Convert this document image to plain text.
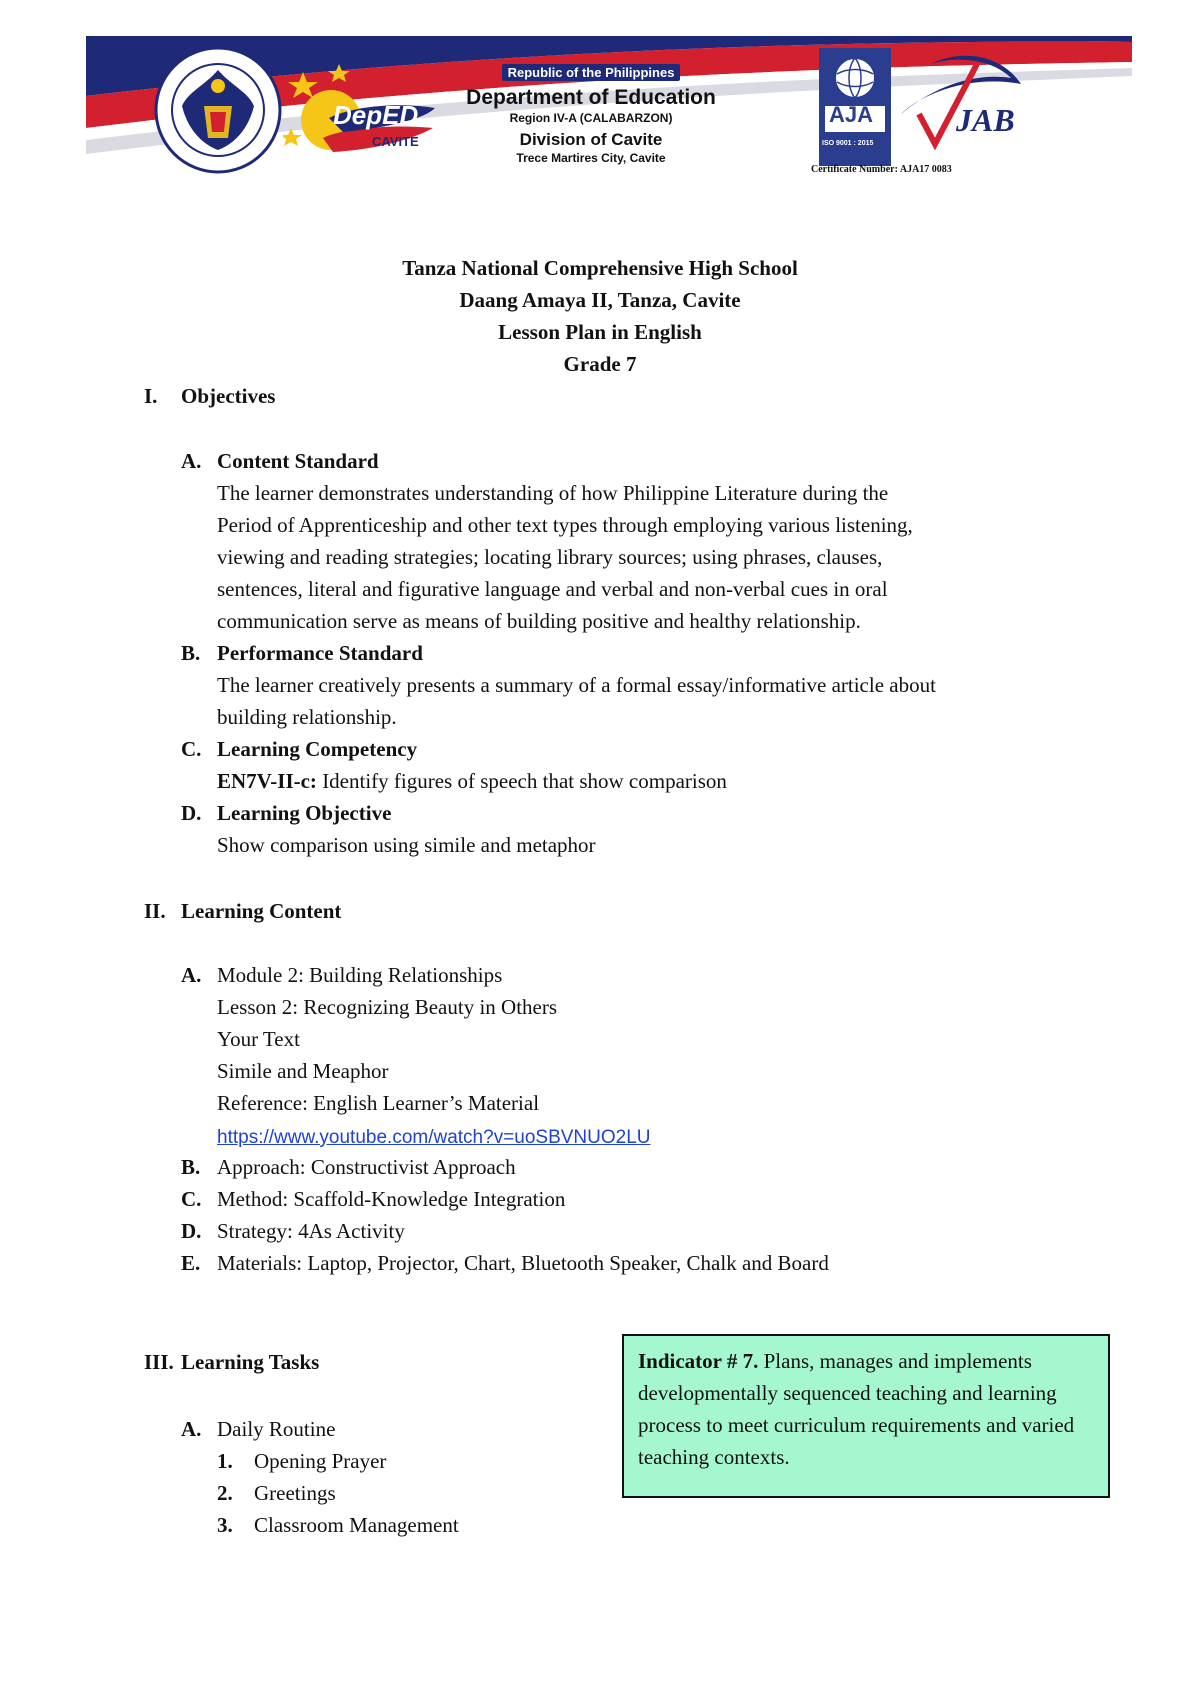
DepED
CAVITE
Republic of the Philippines
Department of Education
Region IV-A (CALABARZON)
Division of Cavite
Trece Martires City, Cavite
AJA
ISO 9001 : 2015
JAB
Certificate Number: AJA17 0083
Tanza National Comprehensive High School
Daang Amaya II, Tanza, Cavite
Lesson Plan in English
Grade 7
I. Objectives
A. Content Standard
The learner demonstrates understanding of how Philippine Literature during the
Period of Apprenticeship and other text types through employing various listening,
viewing and reading strategies; locating library sources; using phrases, clauses,
sentences, literal and figurative language and verbal and non-verbal cues in oral
communication serve as means of building positive and healthy relationship.
B. Performance Standard
The learner creatively presents a summary of a formal essay/informative article about
building relationship.
C. Learning Competency
EN7V-II-c: Identify figures of speech that show comparison
D. Learning Objective
Show comparison using simile and metaphor
II. Learning Content
A. Module 2: Building Relationships
Lesson 2: Recognizing Beauty in Others
Your Text
Simile and Meaphor
Reference: English Learner’s Material
https://www.youtube.com/watch?v=uoSBVNUO2LU
B. Approach: Constructivist Approach
C. Method: Scaffold-Knowledge Integration
D. Strategy: 4As Activity
E. Materials: Laptop, Projector, Chart, Bluetooth Speaker, Chalk and Board
III. Learning Tasks
A. Daily Routine
1. Opening Prayer
2. Greetings
3. Classroom Management
Indicator # 7. Plans, manages and implements developmentally sequenced teaching and learning process to meet curriculum requirements and varied teaching contexts.
